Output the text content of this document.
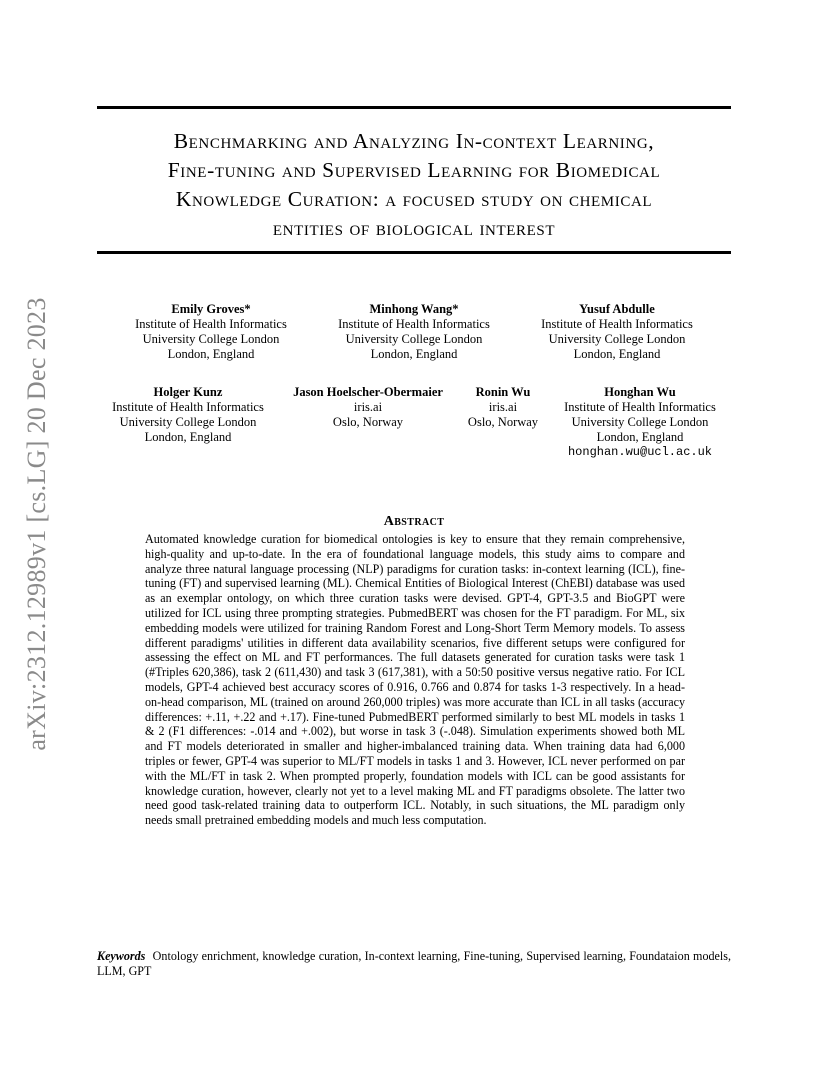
arXiv:2312.12989v1 [cs.LG] 20 Dec 2023
Benchmarking and Analyzing In-context Learning,
Fine-tuning and Supervised Learning for Biomedical
Knowledge Curation: a focused study on chemical
entities of biological interest
Emily Groves*
Institute of Health Informatics
University College London
London, England
Minhong Wang*
Institute of Health Informatics
University College London
London, England
Yusuf Abdulle
Institute of Health Informatics
University College London
London, England
Holger Kunz
Institute of Health Informatics
University College London
London, England
Jason Hoelscher-Obermaier
iris.ai
Oslo, Norway
Ronin Wu
iris.ai
Oslo, Norway
Honghan Wu
Institute of Health Informatics
University College London
London, England
honghan.wu@ucl.ac.uk
Abstract
Automated knowledge curation for biomedical ontologies is key to ensure that they remain comprehensive, high-quality and up-to-date. In the era of foundational language models, this study aims to compare and analyze three natural language processing (NLP) paradigms for curation tasks: in-context learning (ICL), fine-tuning (FT) and supervised learning (ML). Chemical Entities of Biological Interest (ChEBI) database was used as an exemplar ontology, on which three curation tasks were devised. GPT-4, GPT-3.5 and BioGPT were utilized for ICL using three prompting strategies. PubmedBERT was chosen for the FT paradigm. For ML, six embedding models were utilized for training Random Forest and Long-Short Term Memory models. To assess different paradigms' utilities in different data availability scenarios, five different setups were configured for assessing the effect on ML and FT performances. The full datasets generated for curation tasks were task 1 (#Triples 620,386), task 2 (611,430) and task 3 (617,381), with a 50:50 positive versus negative ratio. For ICL models, GPT-4 achieved best accuracy scores of 0.916, 0.766 and 0.874 for tasks 1-3 respectively. In a head-on-head comparison, ML (trained on around 260,000 triples) was more accurate than ICL in all tasks (accuracy differences: +.11, +.22 and +.17). Fine-tuned PubmedBERT performed similarly to best ML models in tasks 1 & 2 (F1 differences: -.014 and +.002), but worse in task 3 (-.048). Simulation experiments showed both ML and FT models deteriorated in smaller and higher-imbalanced training data. When training data had 6,000 triples or fewer, GPT-4 was superior to ML/FT models in tasks 1 and 3. However, ICL never performed on par with the ML/FT in task 2. When prompted properly, foundation models with ICL can be good assistants for knowledge curation, however, clearly not yet to a level making ML and FT paradigms obsolete. The latter two need good task-related training data to outperform ICL. Notably, in such situations, the ML paradigm only needs small pretrained embedding models and much less computation.
Keywords Ontology enrichment, knowledge curation, In-context learning, Fine-tuning, Supervised learning, Foundataion models, LLM, GPT
